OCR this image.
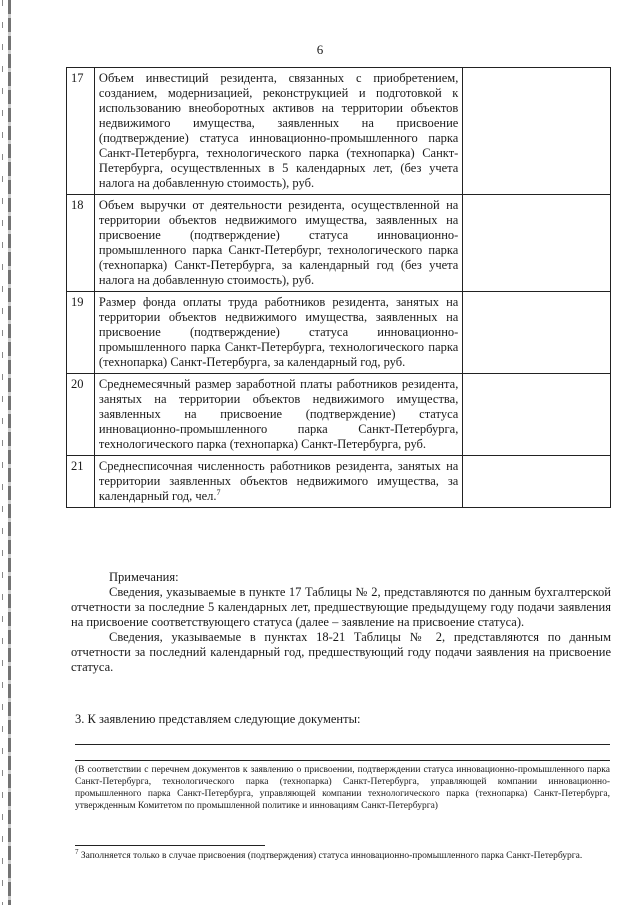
6
17	Объем инвестиций резидента, связанных с приобретением, созданием, модернизацией, реконструкцией и подготовкой к использованию внеоборотных активов на территории объектов недвижимого имущества, заявленных на присвоение (подтверждение) статуса инновационно-промышленного парка Санкт-Петербурга, технологического парка (технопарка) Санкт-Петербурга, осуществленных в 5 календарных лет, (без учета налога на добавленную стоимость), руб.	
18	Объем выручки от деятельности резидента, осуществленной на территории объектов недвижимого имущества, заявленных на присвоение (подтверждение) статуса инновационно-промышленного парка Санкт-Петербург, технологического парка (технопарка) Санкт-Петербурга, за календарный год (без учета налога на добавленную стоимость), руб.	
19	Размер фонда оплаты труда работников резидента, занятых на территории объектов недвижимого имущества, заявленных на присвоение (подтверждение) статуса инновационно-промышленного парка Санкт-Петербурга, технологического парка (технопарка) Санкт-Петербурга, за календарный год, руб.	
20	Среднемесячный размер заработной платы работников резидента, занятых на территории объектов недвижимого имущества, заявленных на присвоение (подтверждение) статуса инновационно-промышленного парка Санкт-Петербурга, технологического парка (технопарка) Санкт-Петербурга, руб.	
21	Среднесписочная численность работников резидента, занятых на территории заявленных объектов недвижимого имущества, за календарный год, чел.$^7$	

Примечания:

Сведения, указываемые в пункте 17 Таблицы № 2, представляются по данным бухгалтерской отчетности за последние 5 календарных лет, предшествующие предыдущему году подачи заявления на присвоение соответствующего статуса (далее – заявление на присвоение статуса).

Сведения, указываемые в пунктах 18-21 Таблицы № 2, представляются по данным отчетности за последний календарный год, предшествующий году подачи заявления на присвоение статуса.

3. К заявлению представляем следующие документы:
(В соответствии с перечнем документов к заявлению о присвоении, подтверждении статуса инновационно-промышленного парка Санкт-Петербурга, технологического парка (технопарка) Санкт-Петербурга, управляющей компании инновационно-промышленного парка Санкт-Петербурга, управляющей компании технологического парка (технопарка) Санкт-Петербурга, утвержденным Комитетом по промышленной политике и инновациям Санкт-Петербурга)
$^7$ Заполняется только в случае присвоения (подтверждения) статуса инновационно-промышленного парка Санкт-Петербурга.
